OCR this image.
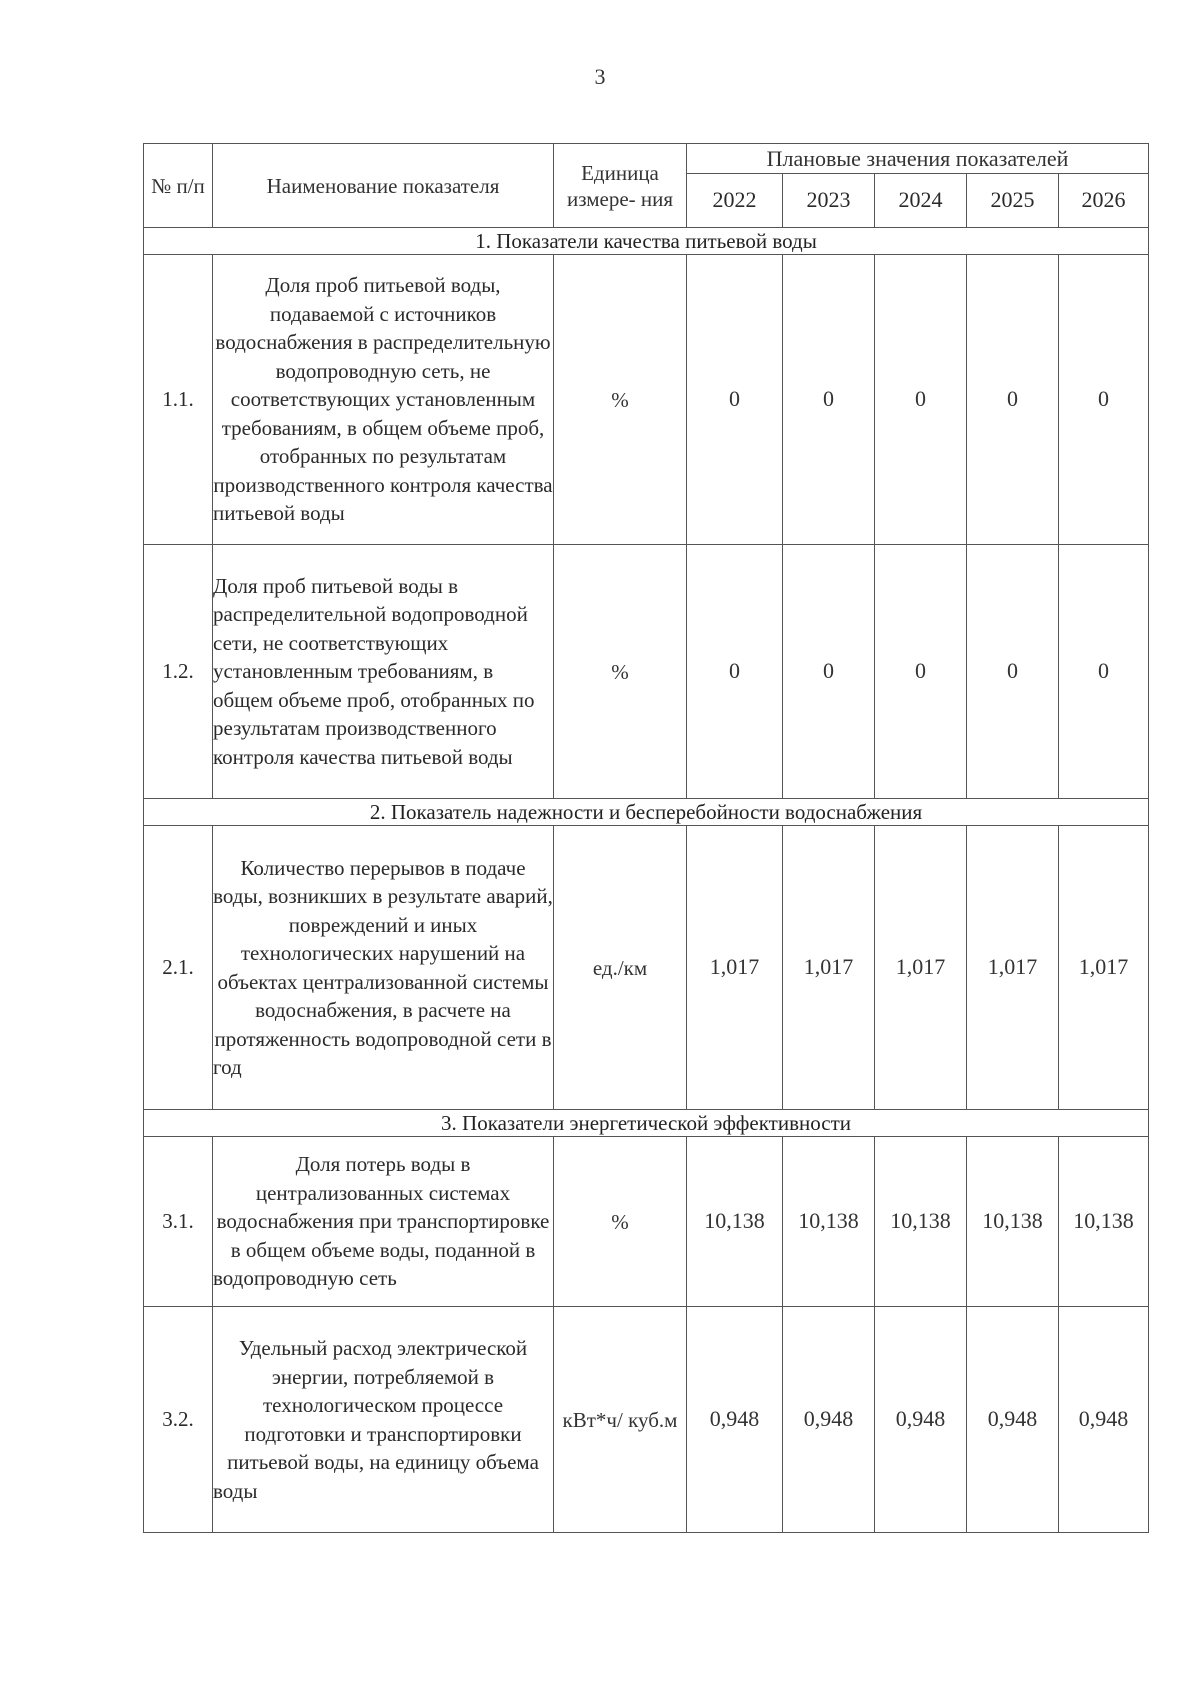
3
№ п/п	Наименование показателя	Единица измере- ния	Плановые значения показателей				
			2022	2023	2024	2025	2026
1. Показатели качества питьевой воды							
1.1.	Доля проб питьевой воды, подаваемой с источников водоснабжения в распределительную водопроводную сеть, не соответствующих установленным требованиям, в общем объеме проб, отобранных по результатам производственного контроля качества питьевой воды	%	0	0	0	0	0
1.2.	Доля проб питьевой воды в распределительной водопроводной сети, не соответствующих установленным требованиям, в общем объеме проб, отобранных по результатам производственного контроля качества питьевой воды	%	0	0	0	0	0
2. Показатель надежности и бесперебойности водоснабжения							
2.1.	Количество перерывов в подаче воды, возникших в результате аварий, повреждений и иных технологических нарушений на объектах централизованной системы водоснабжения, в расчете на протяженность водопроводной сети в год	ед./км	1,017	1,017	1,017	1,017	1,017
3. Показатели энергетической эффективности							
3.1.	Доля потерь воды в централизованных системах водоснабжения при транспортировке в общем объеме воды, поданной в водопроводную сеть	%	10,138	10,138	10,138	10,138	10,138
3.2.	Удельный расход электрической энергии, потребляемой в технологическом процессе подготовки и транспортировки питьевой воды, на единицу объема воды	кВт*ч/ куб.м	0,948	0,948	0,948	0,948	0,948
